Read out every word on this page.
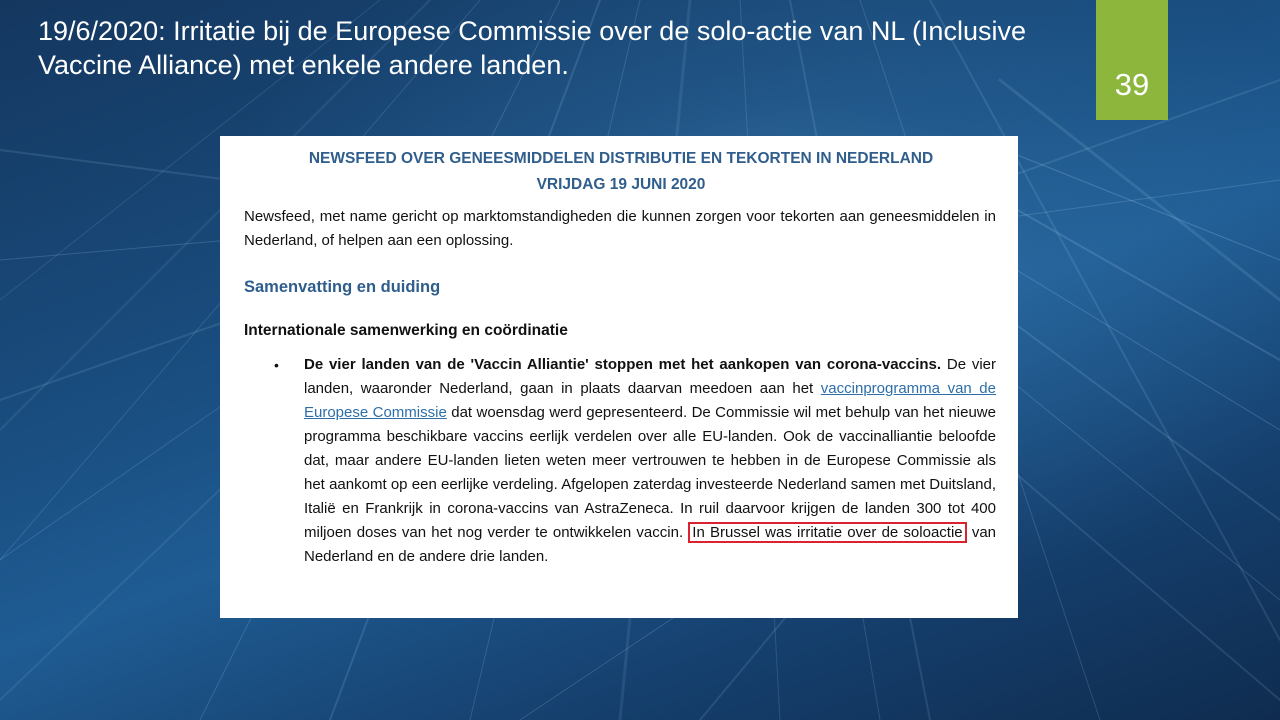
19/6/2020: Irritatie bij de Europese Commissie over de solo-actie van NL (Inclusive Vaccine Alliance) met enkele andere landen.
39
NEWSFEED OVER GENEESMIDDELEN DISTRIBUTIE EN TEKORTEN IN NEDERLAND
VRIJDAG 19 JUNI 2020

Newsfeed, met name gericht op marktomstandigheden die kunnen zorgen voor tekorten aan geneesmiddelen in Nederland, of helpen aan een oplossing.

Samenvatting en duiding
Internationale samenwerking en coördinatie
• De vier landen van de 'Vaccin Alliantie' stoppen met het aankopen van corona-vaccins. De vier landen, waaronder Nederland, gaan in plaats daarvan meedoen aan het vaccinprogramma van de Europese Commissie dat woensdag werd gepresenteerd. De Commissie wil met behulp van het nieuwe programma beschikbare vaccins eerlijk verdelen over alle EU-landen. Ook de vaccinalliantie beloofde dat, maar andere EU-landen lieten weten meer vertrouwen te hebben in de Europese Commissie als het aankomt op een eerlijke verdeling. Afgelopen zaterdag investeerde Nederland samen met Duitsland, Italië en Frankrijk in corona-vaccins van AstraZeneca. In ruil daarvoor krijgen de landen 300 tot 400 miljoen doses van het nog verder te ontwikkelen vaccin. In Brussel was irritatie over de soloactie van Nederland en de andere drie landen.
